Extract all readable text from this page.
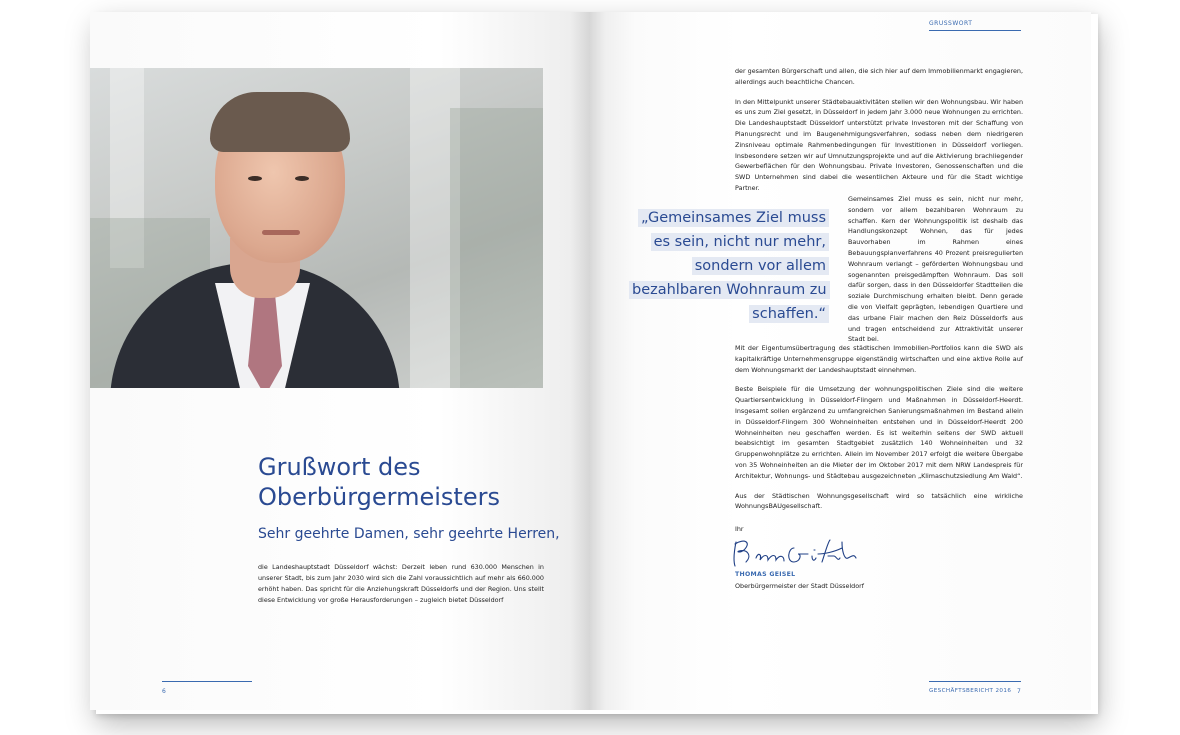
Grußwort des
Oberbürgermeisters
Sehr geehrte Damen, sehr geehrte Herren,
die Landeshauptstadt Düsseldorf wächst: Derzeit leben rund 630.000 Menschen in unserer Stadt, bis zum Jahr 2030 wird sich die Zahl voraussichtlich auf mehr als 660.000 erhöht haben. Das spricht für die Anziehungskraft Düsseldorfs und der Region. Uns stellt diese Entwicklung vor große Herausforderungen – zugleich bietet Düsseldorf
6
GRUSSWORT

der gesamten Bürgerschaft und allen, die sich hier auf dem Immobilienmarkt engagieren, allerdings auch beachtliche Chancen.

In den Mittelpunkt unserer Städtebauaktivitäten stellen wir den Wohnungsbau. Wir haben es uns zum Ziel gesetzt, in Düsseldorf in jedem Jahr 3.000 neue Wohnungen zu errichten. Die Landeshauptstadt Düsseldorf unterstützt private Investoren mit der Schaffung von Planungsrecht und im Baugenehmigungsverfahren, sodass neben dem niedrigeren Zinsniveau optimale Rahmenbedingungen für Investitionen in Düsseldorf vorliegen. Insbesondere setzen wir auf Umnutzungsprojekte und auf die Aktivierung brachliegender Gewerbeflächen für den Wohnungsbau. Private Investoren, Genossenschaften und die SWD Unternehmen sind dabei die wesentlichen Akteure und für die Stadt wichtige Partner.

„Gemeinsames Ziel muss es sein, nicht nur mehr, sondern vor allem bezahlbaren Wohnraum zu schaffen.“
Gemeinsames Ziel muss es sein, nicht nur mehr, sondern vor allem bezahlbaren Wohnraum zu schaffen. Kern der Wohnungspolitik ist deshalb das Handlungskonzept Wohnen, das für jedes Bauvorhaben im Rahmen eines Bebauungsplanverfahrens 40 Prozent preisregulierten Wohnraum verlangt – geförderten Wohnungsbau und sogenannten preisgedämpften Wohnraum. Das soll dafür sorgen, dass in den Düsseldorfer Stadtteilen die soziale Durchmischung erhalten bleibt. Denn gerade die von Vielfalt geprägten, lebendigen Quartiere und das urbane Flair machen den Reiz Düsseldorfs aus und tragen entscheidend zur Attraktivität unserer Stadt bei.

Mit der Eigentumsübertragung des städtischen Immobilien-Portfolios kann die SWD als kapitalkräftige Unternehmensgruppe eigenständig wirtschaften und eine aktive Rolle auf dem Wohnungsmarkt der Landeshauptstadt einnehmen.

Beste Beispiele für die Umsetzung der wohnungspolitischen Ziele sind die weitere Quartiersentwicklung in Düsseldorf-Flingern und Maßnahmen in Düsseldorf-Heerdt. Insgesamt sollen ergänzend zu umfangreichen Sanierungsmaßnahmen im Bestand allein in Düsseldorf-Flingern 300 Wohneinheiten entstehen und in Düsseldorf-Heerdt 200 Wohneinheiten neu geschaffen werden. Es ist weiterhin seitens der SWD aktuell beabsichtigt im gesamten Stadtgebiet zusätzlich 140 Wohneinheiten und 32 Gruppenwohnplätze zu errichten. Allein im November 2017 erfolgt die weitere Übergabe von 35 Wohneinheiten an die Mieter der im Oktober 2017 mit dem NRW Landespreis für Architektur, Wohnungs- und Städtebau ausgezeichneten „Klimaschutzsiedlung Am Wald“.

Aus der Städtischen Wohnungsgesellschaft wird so tatsächlich eine wirkliche WohnungsBAUgesellschaft.

Ihr
THOMAS GEISEL
Oberbürgermeister der Stadt Düsseldorf
GESCHÄFTSBERICHT 2016 7
